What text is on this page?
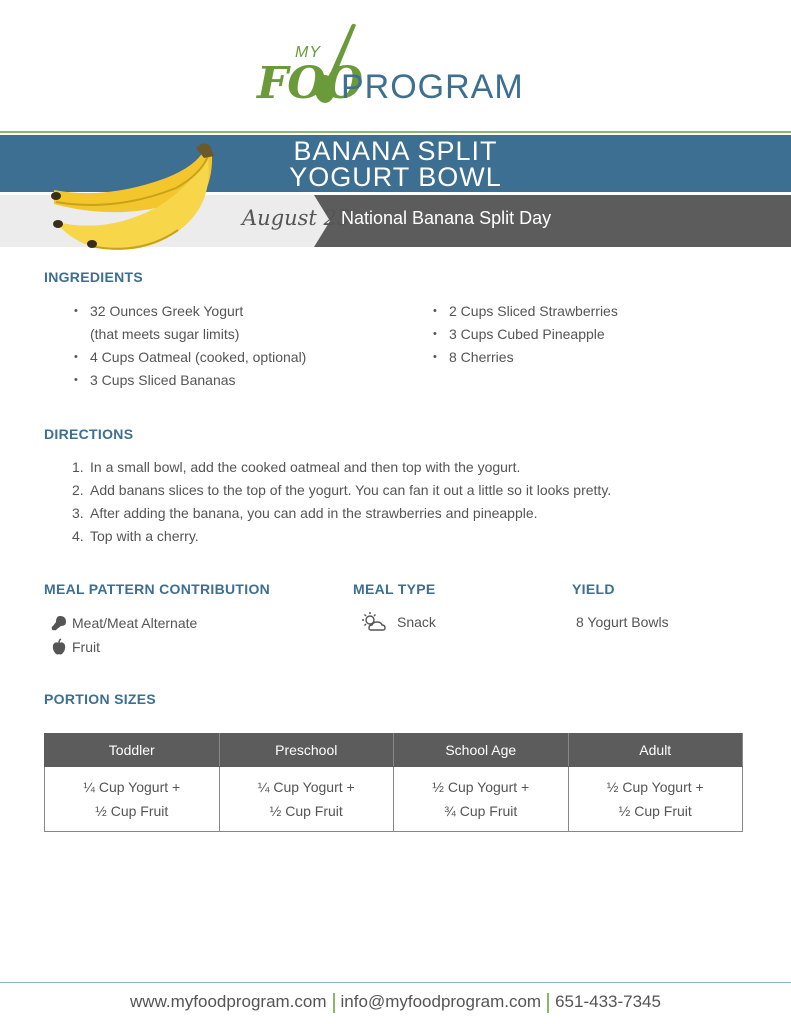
MY
FOO
PROGRAM
BANANA SPLIT
YOGURT BOWL
August 25
National Banana Split Day
INGREDIENTS
• 32 Ounces Greek Yogurt
(that meets sugar limits)
• 4 Cups Oatmeal (cooked, optional)
• 3 Cups Sliced Bananas
• 2 Cups Sliced Strawberries
• 3 Cups Cubed Pineapple
• 8 Cherries
DIRECTIONS
1. In a small bowl, add the cooked oatmeal and then top with the yogurt.
2. Add banans slices to the top of the yogurt. You can fan it out a little so it looks pretty.
3. After adding the banana, you can add in the strawberries and pineapple.
4. Top with a cherry.
MEAL PATTERN CONTRIBUTION
Meat/Meat Alternate
Fruit
MEAL TYPE
Snack
YIELD
8 Yogurt Bowls
PORTION SIZES
Toddler	Preschool	School Age	Adult

¼ Cup Yogurt +
½ Cup Fruit	¼ Cup Yogurt +
½ Cup Fruit	½ Cup Yogurt +
¾ Cup Fruit	½ Cup Yogurt +
½ Cup Fruit
www.myfoodprogram.com info@myfoodprogram.com 651-433-7345
